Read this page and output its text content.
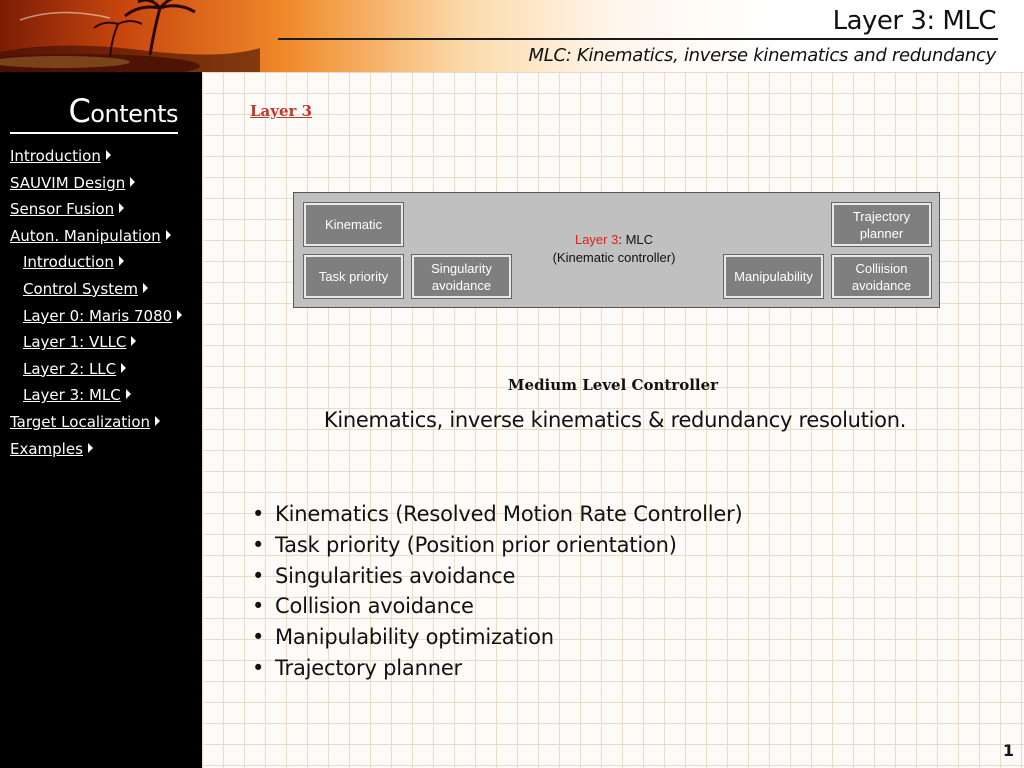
Layer 3: MLC
MLC: Kinematics, inverse kinematics and redundancy
Contents
Introduction
SAUVIM Design
Sensor Fusion
Auton. Manipulation
Introduction
Control System
Layer 0: Maris 7080
Layer 1: VLLC
Layer 2: LLC
Layer 3: MLC
Target Localization
Examples
Layer 3
Kinematic
Task priority
Singularity avoidance
Layer 3: MLC
(Kinematic controller)
Manipulability
Trajectory planner
Colliision avoidance
Medium Level Controller
Kinematics, inverse kinematics & redundancy resolution.
• Kinematics (Resolved Motion Rate Controller)
• Task priority (Position prior orientation)
• Singularities avoidance
• Collision avoidance
• Manipulability optimization
• Trajectory planner
1
